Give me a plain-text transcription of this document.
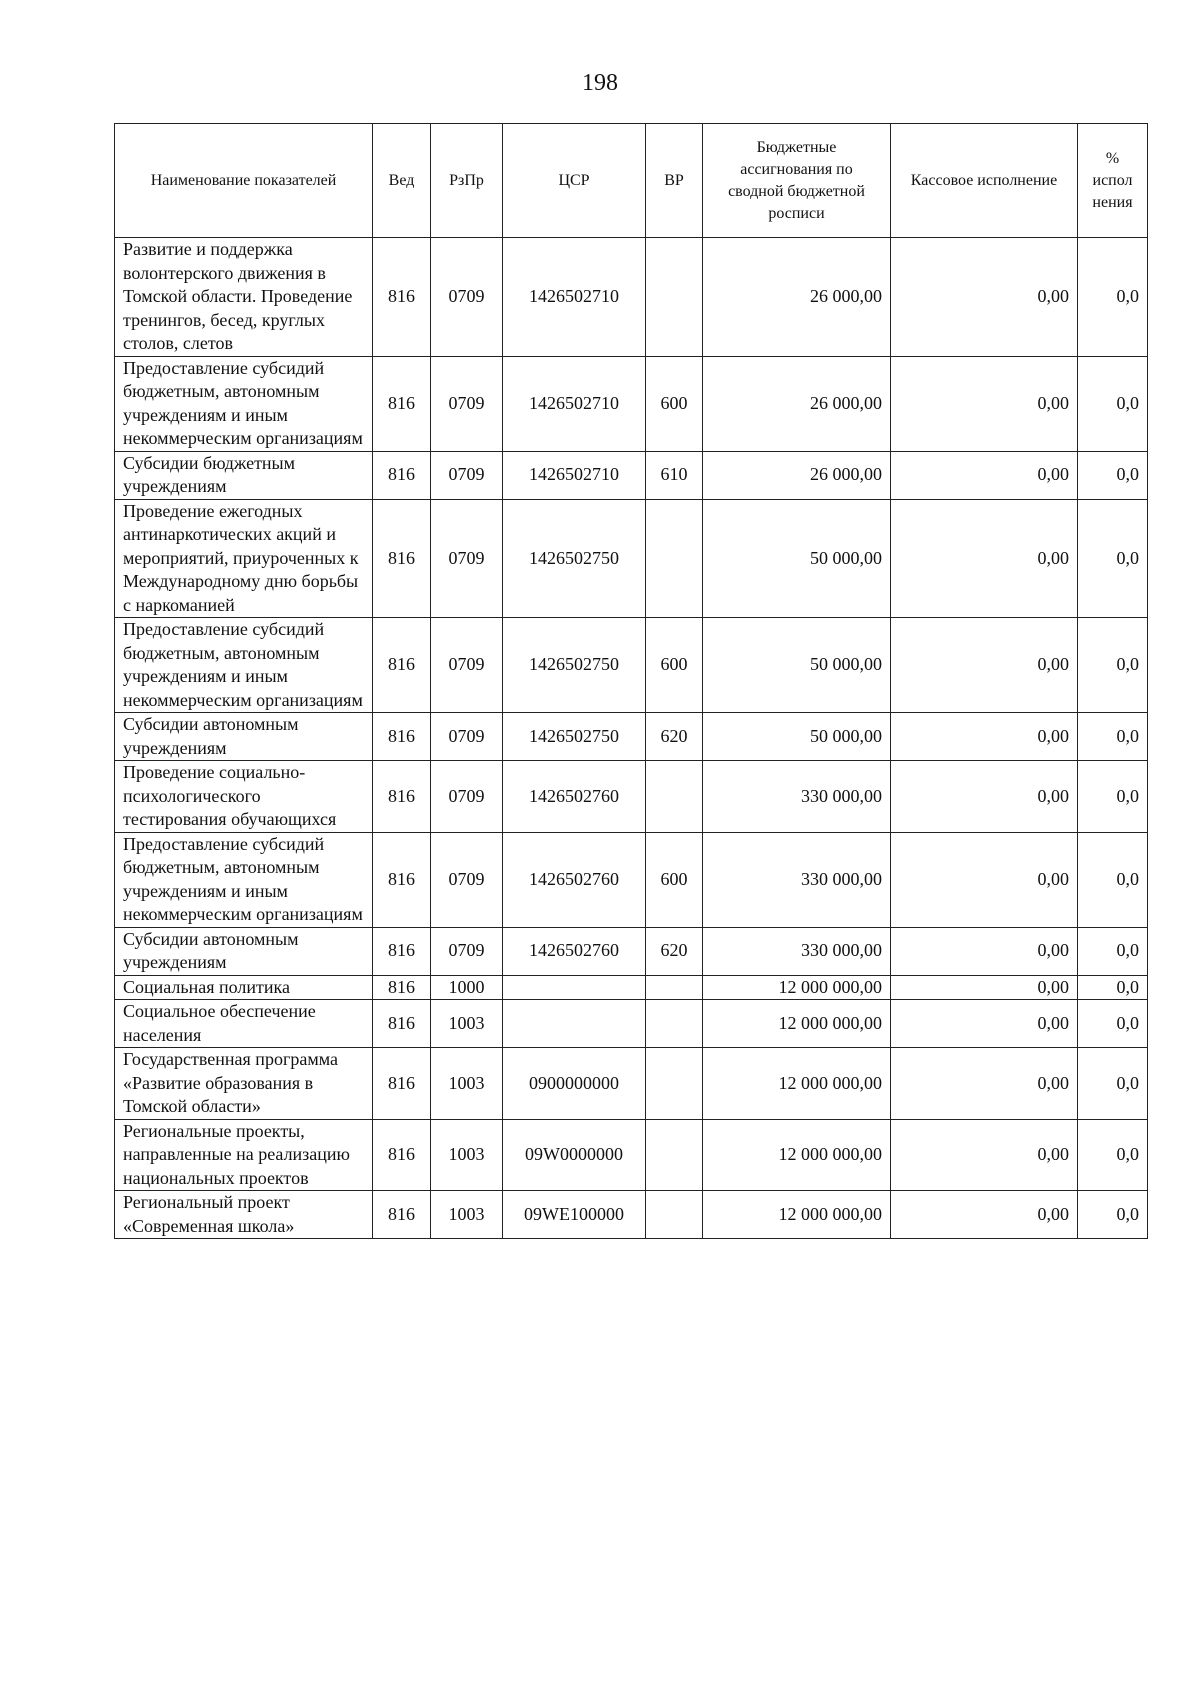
198
Наименование показателей	Вед	РзПр	ЦСР	ВР	Бюджетные ассигнования по сводной бюджетной росписи	Кассовое исполнение	% испол нения
Развитие и поддержка волонтерского движения в Томской области. Проведение тренингов, бесед, круглых столов, слетов	816	0709	1426502710		26 000,00	0,00	0,0
Предоставление субсидий бюджетным, автономным учреждениям и иным некоммерческим организациям	816	0709	1426502710	600	26 000,00	0,00	0,0
Субсидии бюджетным учреждениям	816	0709	1426502710	610	26 000,00	0,00	0,0
Проведение ежегодных антинаркотических акций и мероприятий, приуроченных к Международному дню борьбы с наркоманией	816	0709	1426502750		50 000,00	0,00	0,0
Предоставление субсидий бюджетным, автономным учреждениям и иным некоммерческим организациям	816	0709	1426502750	600	50 000,00	0,00	0,0
Субсидии автономным учреждениям	816	0709	1426502750	620	50 000,00	0,00	0,0
Проведение социально-психологического тестирования обучающихся	816	0709	1426502760		330 000,00	0,00	0,0
Предоставление субсидий бюджетным, автономным учреждениям и иным некоммерческим организациям	816	0709	1426502760	600	330 000,00	0,00	0,0
Субсидии автономным учреждениям	816	0709	1426502760	620	330 000,00	0,00	0,0
Социальная политика	816	1000			12 000 000,00	0,00	0,0
Социальное обеспечение населения	816	1003			12 000 000,00	0,00	0,0
Государственная программа «Развитие образования в Томской области»	816	1003	0900000000		12 000 000,00	0,00	0,0
Региональные проекты, направленные на реализацию национальных проектов	816	1003	09W0000000		12 000 000,00	0,00	0,0
Региональный проект «Современная школа»	816	1003	09WE100000		12 000 000,00	0,00	0,0
